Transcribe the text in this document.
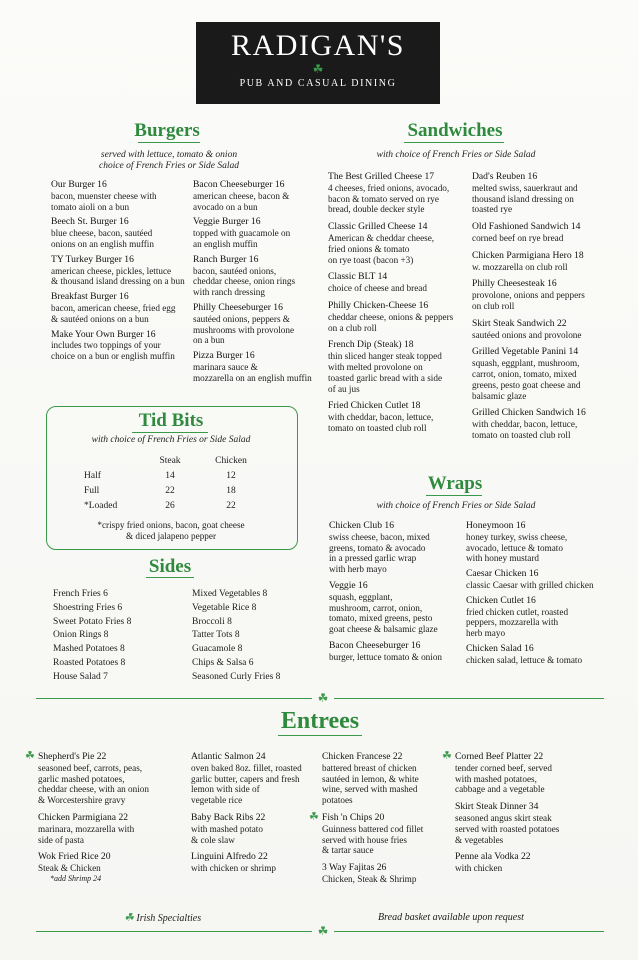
RADIGAN'S
☘
PUB AND CASUAL DINING
Burgers
served with lettuce, tomato & onion
choice of French Fries or Side Salad
Our Burger 16
bacon, muenster cheese with
tomato aioli on a bun
Beech St. Burger 16
blue cheese, bacon, sautéed
onions on an english muffin
TY Turkey Burger 16
american cheese, pickles, lettuce
& thousand island dressing on a bun
Breakfast Burger 16
bacon, american cheese, fried egg
& sautéed onions on a bun
Make Your Own Burger 16
includes two toppings of your
choice on a bun or english muffin
Bacon Cheeseburger 16
american cheese, bacon &
avocado on a bun
Veggie Burger 16
topped with guacamole on
an english muffin
Ranch Burger 16
bacon, sautéed onions,
cheddar cheese, onion rings
with ranch dressing
Philly Cheeseburger 16
sautéed onions, peppers &
mushrooms with provolone
on a bun
Pizza Burger 16
marinara sauce &
mozzarella on an english muffin
Sandwiches
with choice of French Fries or Side Salad
The Best Grilled Cheese 17
4 cheeses, fried onions, avocado,
bacon & tomato served on rye
bread, double decker style
Classic Grilled Cheese 14
American & cheddar cheese,
fried onions & tomato
on rye toast (bacon +3)
Classic BLT 14
choice of cheese and bread
Philly Chicken-Cheese 16
cheddar cheese, onions & peppers
on a club roll
French Dip (Steak) 18
thin sliced hanger steak topped
with melted provolone on
toasted garlic bread with a side
of au jus
Fried Chicken Cutlet 18
with cheddar, bacon, lettuce,
tomato on toasted club roll
Dad's Reuben 16
melted swiss, sauerkraut and
thousand island dressing on
toasted rye
Old Fashioned Sandwich 14
corned beef on rye bread
Chicken Parmigiana Hero 18
w. mozzarella on club roll
Philly Cheesesteak 16
provolone, onions and peppers
on club roll
Skirt Steak Sandwich 22
sautéed onions and provolone
Grilled Vegetable Panini 14
squash, eggplant, mushroom,
carrot, onion, tomato, mixed
greens, pesto goat cheese and
balsamic glaze
Grilled Chicken Sandwich 16
with cheddar, bacon, lettuce,
tomato on toasted club roll
Tid Bits
with choice of French Fries or Side Salad
	Steak	Chicken
Half	14	12
Full	22	18
*Loaded	26	22
*crispy fried onions, bacon, goat cheese
& diced jalapeno pepper
Sides
French Fries 6
Shoestring Fries 6
Sweet Potato Fries 8
Onion Rings 8
Mashed Potatoes 8
Roasted Potatoes 8
House Salad 7
Mixed Vegetables 8
Vegetable Rice 8
Broccoli 8
Tatter Tots 8
Guacamole 8
Chips & Salsa 6
Seasoned Curly Fries 8
Wraps
with choice of French Fries or Side Salad
Chicken Club 16
swiss cheese, bacon, mixed
greens, tomato & avocado
in a pressed garlic wrap
with herb mayo
Veggie 16
squash, eggplant,
mushroom, carrot, onion,
tomato, mixed greens, pesto
goat cheese & balsamic glaze
Bacon Cheeseburger 16
burger, lettuce tomato & onion
Honeymoon 16
honey turkey, swiss cheese,
avocado, lettuce & tomato
with honey mustard
Caesar Chicken 16
classic Caesar with grilled chicken
Chicken Cutlet 16
fried chicken cutlet, roasted
peppers, mozzarella with
herb mayo
Chicken Salad 16
chicken salad, lettuce & tomato
☘
Entrees
☘ Shepherd's Pie 22
seasoned beef, carrots, peas,
garlic mashed potatoes,
cheddar cheese, with an onion
& Worcestershire gravy
Chicken Parmigiana 22
marinara, mozzarella with
side of pasta
Wok Fried Rice 20
Steak & Chicken
*add Shrimp 24
Atlantic Salmon 24
oven baked 8oz. fillet, roasted
garlic butter, capers and fresh
lemon with side of
vegetable rice
Baby Back Ribs 22
with mashed potato
& cole slaw
Linguini Alfredo 22
with chicken or shrimp
Chicken Francese 22
battered breast of chicken
sautéed in lemon, & white
wine, served with mashed
potatoes
☘ Fish 'n Chips 20
Guinness battered cod fillet
served with house fries
& tartar sauce
3 Way Fajitas 26
Chicken, Steak & Shrimp
☘ Corned Beef Platter 22
tender corned beef, served
with mashed potatoes,
cabbage and a vegetable
Skirt Steak Dinner 34
seasoned angus skirt steak
served with roasted potatoes
& vegetables
Penne ala Vodka 22
with chicken
☘ Irish Specialties	Bread basket available upon request
☘
